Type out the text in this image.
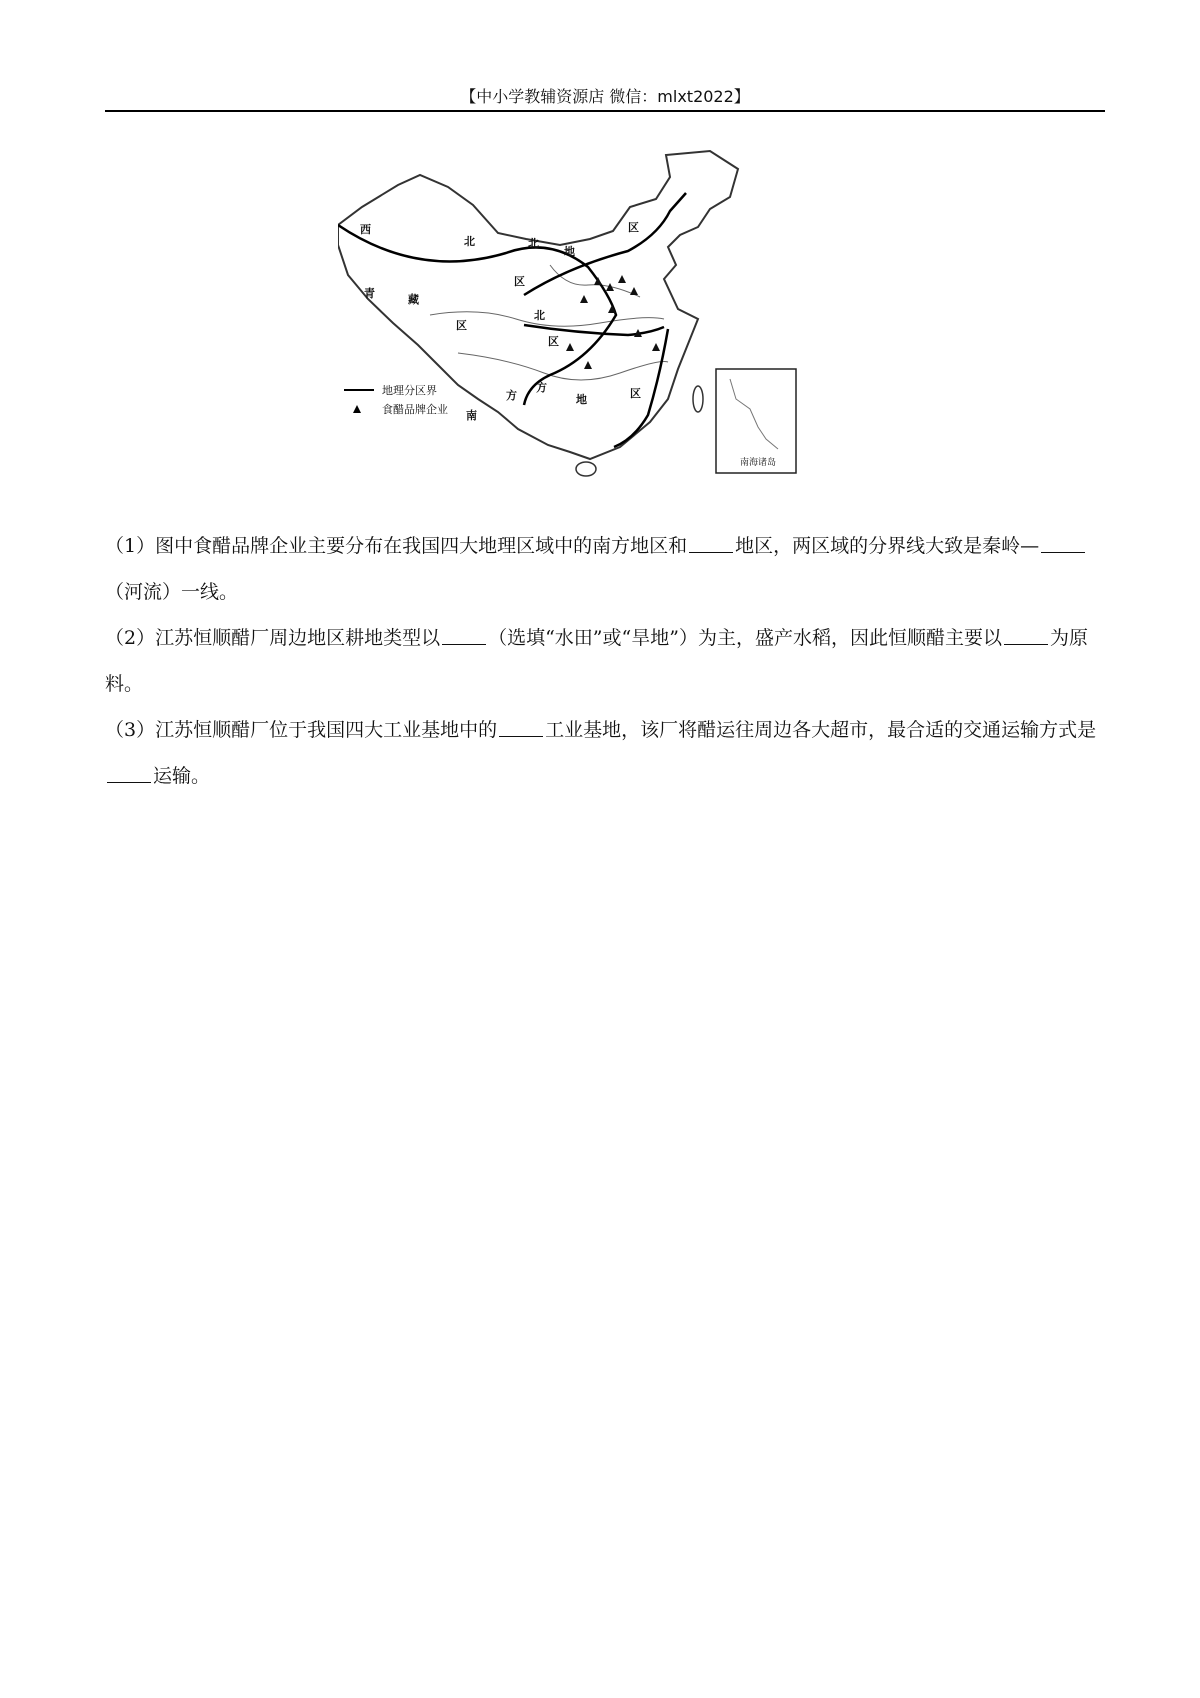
【中小学教辅资源店 微信：mlxt2022】
西
北
区
北
地
区
青	藏
区
方
南
方
地	区
北
区
地理分区界
食醋品牌企业
南海诸岛

（1）图中食醋品牌企业主要分布在我国四大地理区域中的南方地区和	地区，两区域的分界线大致是秦岭—（河流）一线。

（2）江苏恒顺醋厂周边地区耕地类型以	（选填“水田”或“旱地”）为主，盛产水稻，因此恒顺醋主要以	为原料。

（3）江苏恒顺醋厂位于我国四大工业基地中的	工业基地，该厂将醋运往周边各大超市，最合适的交通运输方式是运输。
